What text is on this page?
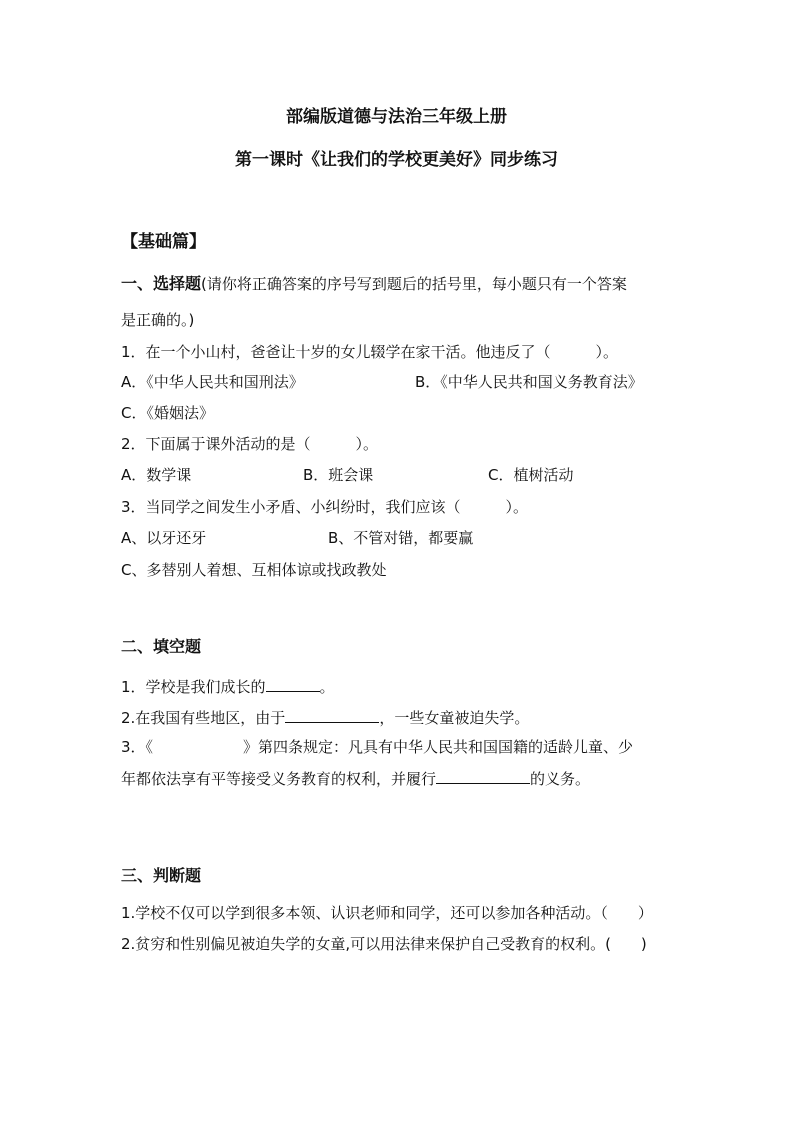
部编版道德与法治三年级上册
第一课时《让我们的学校更美好》同步练习
【基础篇】
一、选择题(请你将正确答案的序号写到题后的括号里，每小题只有一个答案
是正确的。)
1．在一个小山村，爸爸让十岁的女儿辍学在家干活。他违反了（　　　）。
A．《中华人民共和国刑法》	B．《中华人民共和国义务教育法》
C．《婚姻法》
2．下面属于课外活动的是（　　　）。
A．数学课	B．班会课	C．植树活动
3．当同学之间发生小矛盾、小纠纷时，我们应该（　　　）。
A、以牙还牙	B、不管对错，都要赢
C、多替别人着想、互相体谅或找政教处
二、填空题
1．学校是我们成长的	。
2.在我国有些地区，由于	，一些女童被迫失学。
3．《	》第四条规定：凡具有中华人民共和国国籍的适龄儿童、少
年都依法享有平等接受义务教育的权利，并履行	的义务。
三、判断题
1.学校不仅可以学到很多本领、认识老师和同学，还可以参加各种活动。（　　）
2.贫穷和性别偏见被迫失学的女童,可以用法律来保护自己受教育的权利。(　　)
